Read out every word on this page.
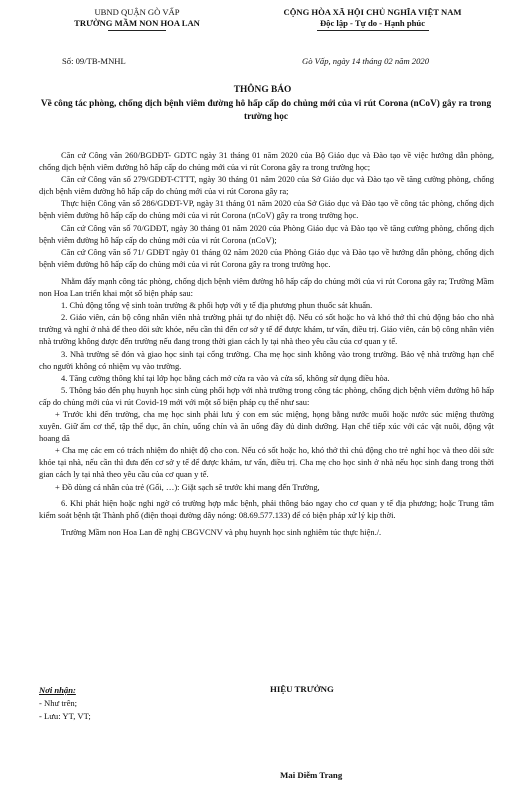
UBND QUẬN GÒ VẤP
TRƯỜNG MẦM NON HOA LAN
CỘNG HÒA XÃ HỘI CHỦ NGHĨA VIỆT NAM
Độc lập - Tự do - Hạnh phúc
Số: 09/TB-MNHL	Gò Vấp, ngày 14 tháng 02 năm 2020
THÔNG BÁO
Về công tác phòng, chống dịch bệnh viêm đường hô hấp cấp do chủng mới của vi rút Corona (nCoV) gây ra trong trường học

Căn cứ Công văn 260/BGDĐT- GDTC ngày 31 tháng 01 năm 2020 của Bộ Giáo dục và Đào tạo về việc hướng dẫn phòng, chống dịch bệnh viêm đường hô hấp cấp do chủng mới của vi rút Corona gây ra trong trường học;

Căn cứ Công văn số 279/GDĐT-CTTT, ngày 30 tháng 01 năm 2020 của Sở Giáo dục và Đào tạo về tăng cường phòng, chống dịch bệnh viêm đường hô hấp cấp do chủng mới của vi rút Corona gây ra;

Thực hiện Công văn số 286/GDĐT-VP, ngày 31 tháng 01 năm 2020 của Sở Giáo dục và Đào tạo về công tác phòng, chống dịch bệnh viêm đường hô hấp cấp do chủng mới của vi rút Corona (nCoV) gây ra trong trường học.

Căn cứ Công văn số 70/GDĐT, ngày 30 tháng 01 năm 2020 của Phòng Giáo dục và Đào tạo về tăng cường phòng, chống dịch bệnh viêm đường hô hấp cấp do chủng mới của vi rút Corona (nCoV);

Căn cứ Công văn số 71/ GDĐT ngày 01 tháng 02 năm 2020 của Phòng Giáo dục và Đào tạo về hướng dẫn phòng, chống dịch bệnh viêm đường hô hấp cấp do chủng mới của vi rút Corona gây ra trong trường học.

Nhằm đẩy mạnh công tác phòng, chống dịch bệnh viêm đường hô hấp cấp do chủng mới của vi rút Corona gây ra; Trường Mầm non Hoa Lan triển khai một số biện pháp sau:

1. Chủ động tổng vệ sinh toàn trường & phối hợp với y tế địa phương phun thuốc sát khuẩn.

2. Giáo viên, cán bộ công nhân viên nhà trường phải tự đo nhiệt độ. Nếu có sốt hoặc ho và khó thở thì chủ động báo cho nhà trường và nghỉ ở nhà để theo dõi sức khỏe, nếu cần thì đến cơ sở y tế để được khám, tư vấn, điều trị. Giáo viên, cán bộ công nhân viên nhà trường không được đến trường nếu đang trong thời gian cách ly tại nhà theo yêu cầu của cơ quan y tế.

3. Nhà trường sẽ đón và giao học sinh tại cổng trường. Cha mẹ học sinh không vào trong trường. Bảo vệ nhà trường hạn chế cho người không có nhiệm vụ vào trường.

4. Tăng cường thông khí tại lớp học bằng cách mở cửa ra vào và cửa sổ, không sử dụng điều hòa.

5. Thông báo đến phụ huynh học sinh cùng phối hợp với nhà trường trong công tác phòng, chống dịch bệnh viêm đường hô hấp cấp do chủng mới của vi rút Covid-19 mới với một số biện pháp cụ thể như sau:

+ Trước khi đến trường, cha mẹ học sinh phải lưu ý con em súc miệng, họng bằng nước muối hoặc nước súc miệng thường xuyên. Giữ ấm cơ thể, tập thể dục, ăn chín, uống chín và ăn uống đầy đủ dinh dưỡng. Hạn chế tiếp xúc với các vật nuôi, động vật hoang dã

+ Cha mẹ các em có trách nhiệm đo nhiệt độ cho con. Nếu có sốt hoặc ho, khó thở thì chủ động cho trẻ nghỉ học và theo dõi sức khỏe tại nhà, nếu cần thì đưa đến cơ sở y tế để được khám, tư vấn, điều trị. Cha mẹ cho học sinh ở nhà nếu học sinh đang trong thời gian cách ly tại nhà theo yêu cầu của cơ quan y tế.

+ Đồ dùng cá nhân của trẻ (Gối, …): Giặt sạch sẽ trước khi mang đến Trường,

6. Khi phát hiện hoặc nghi ngờ có trường hợp mắc bệnh, phải thông báo ngay cho cơ quan y tế địa phương; hoặc Trung tâm kiểm soát bệnh tật Thành phố (điện thoại đường dây nóng: 08.69.577.133) để có biện pháp xử lý kịp thời.

Trường Mầm non Hoa Lan đề nghị CBGVCNV và phụ huynh học sinh nghiêm túc thực hiện./.

Nơi nhận:
- Như trên;
- Lưu: YT, VT;
HIỆU TRƯỞNG
Mai Diễm Trang
